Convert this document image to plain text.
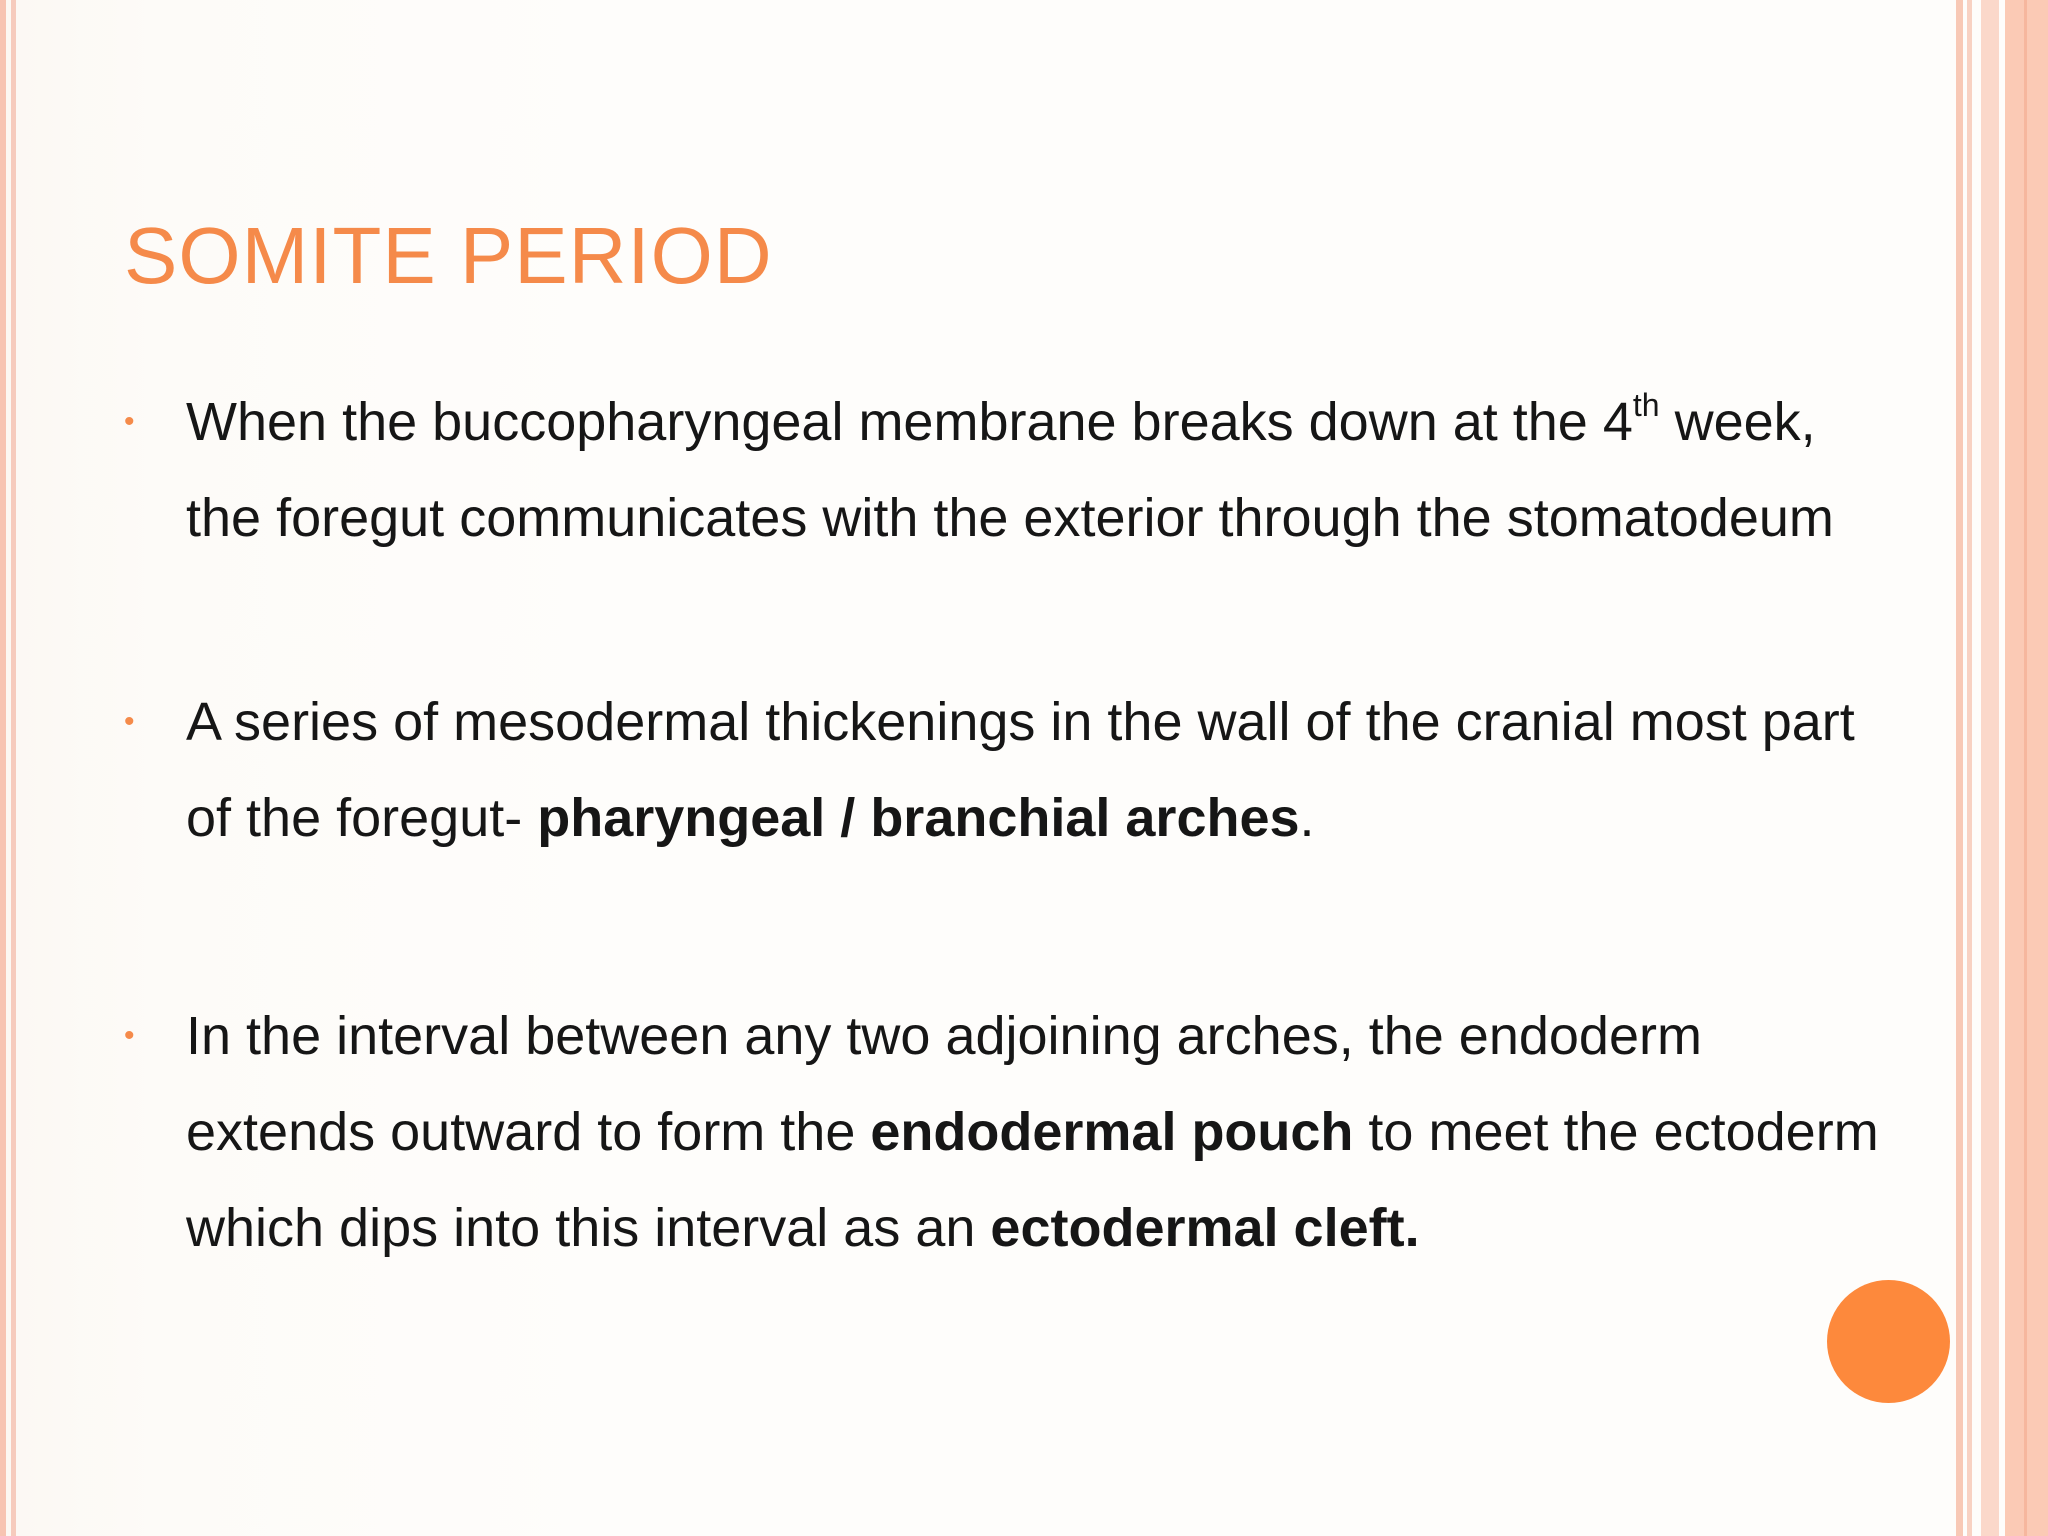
SOMITE PERIOD
• When the buccopharyngeal membrane breaks down at the 4th week, the foregut communicates with the exterior through the stomatodeum

• A series of mesodermal thickenings in the wall of the cranial most part of the foregut- pharyngeal / branchial arches.

• In the interval between any two adjoining arches, the endoderm extends outward to form the endodermal pouch to meet the ectoderm which dips into this interval as an ectodermal cleft.
